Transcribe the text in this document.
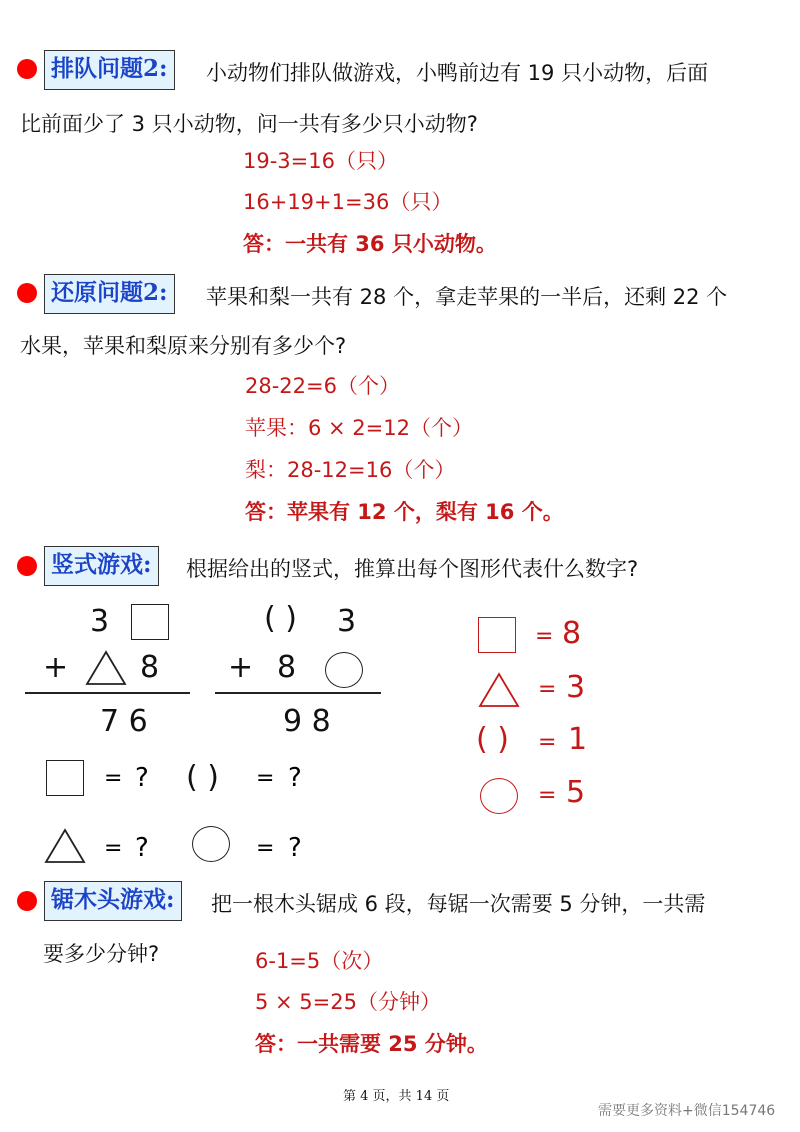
排队问题2:	小动物们排队做游戏，小鸭前边有 19 只小动物，后面
比前面少了 3 只小动物，问一共有多少只小动物?
19-3=16（只）
16+19+1=36（只）
答：一共有 36 只小动物。
还原问题2:	苹果和梨一共有 28 个，拿走苹果的一半后，还剩 22 个
水果，苹果和梨原来分别有多少个?
28-22=6（个）
苹果：6 × 2=12（个）
梨：28-12=16（个）
答：苹果有 12 个，梨有 16 个。
竖式游戏:	根据给出的竖式，推算出每个图形代表什么数字?
3
+ 8
7 6
( ) 3
+ 8
9 8
= ? ( ) = ?
= ?	= ?
= 8
= 3
( ) = 1
= 5
锯木头游戏:	把一根木头锯成 6 段，每锯一次需要 5 分钟，一共需
要多少分钟?	6-1=5（次）
5 × 5=25（分钟）
答：一共需要 25 分钟。
第 4 页，共 14 页
需要更多资料+微信154746
